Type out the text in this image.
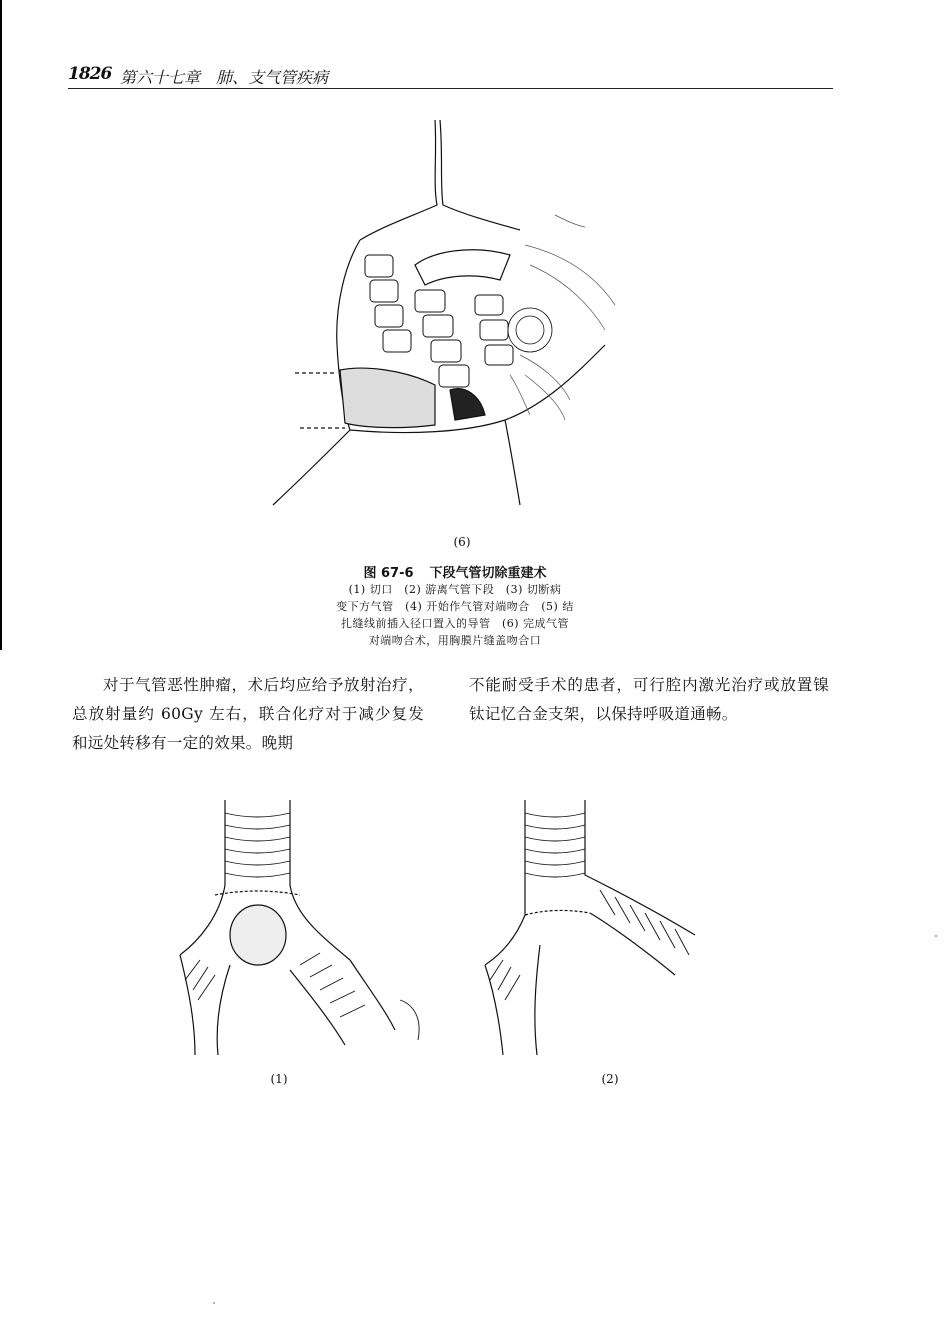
1826 第六十七章　肺、支气管疾病
(6)
图 67-6 下段气管切除重建术
(1) 切口　(2) 游离气管下段　(3) 切断病
变下方气管　(4) 开始作气管对端吻合　(5) 结
扎缝线前插入径口置入的导管　(6) 完成气管
对端吻合术，用胸膜片缝盖吻合口
对于气管恶性肿瘤，术后均应给予放射治疗，总放射量约 60Gy 左右，联合化疗对于减少复发和远处转移有一定的效果。晚期
不能耐受手术的患者，可行腔内激光治疗或放置镍钛记忆合金支架，以保持呼吸道通畅。
(1)	(2)
